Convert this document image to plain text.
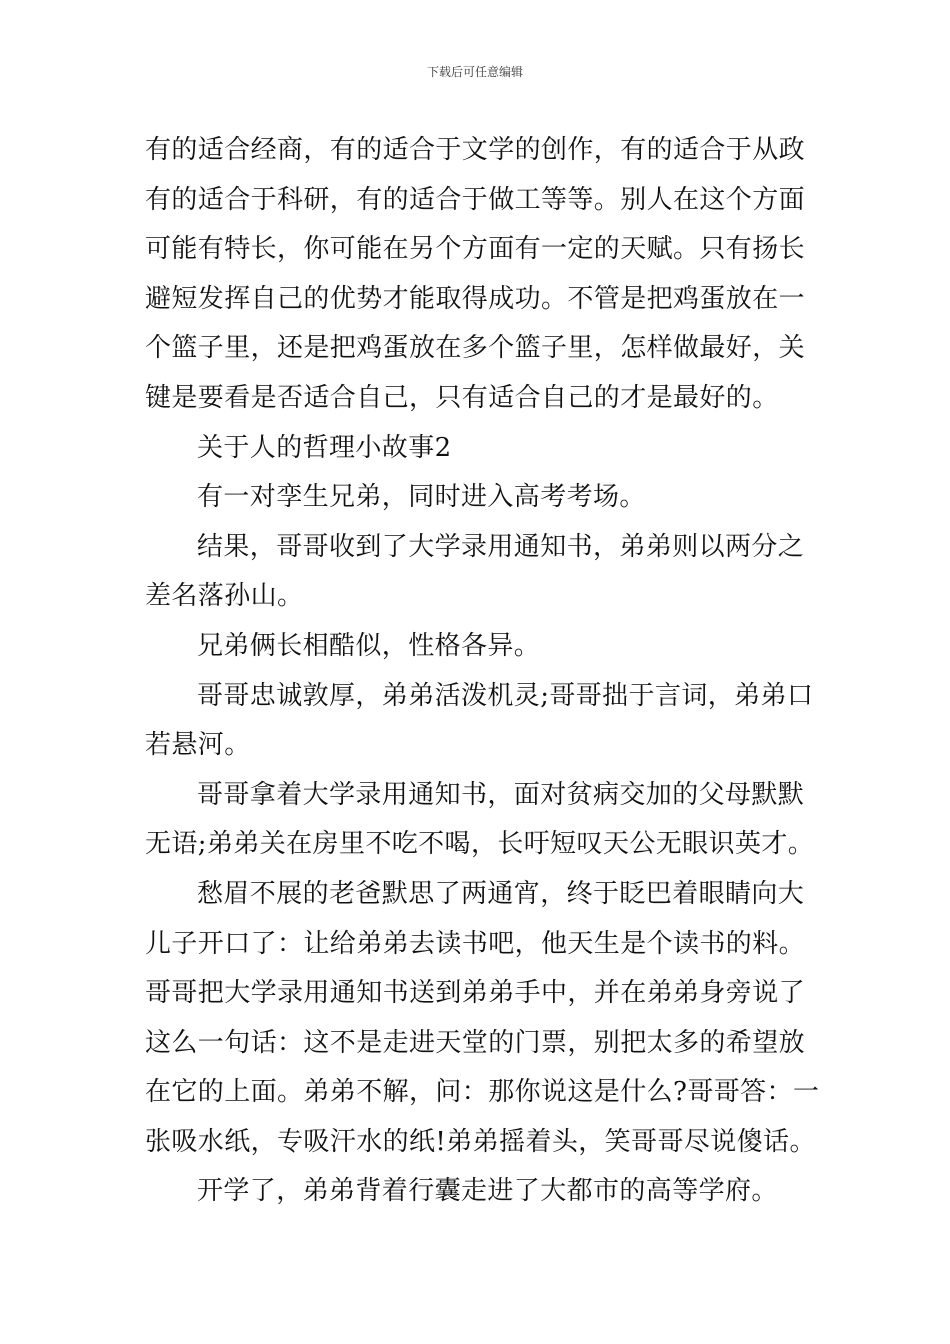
下载后可任意编辑
有的适合经商，有的适合于文学的创作，有的适合于从政
有的适合于科研，有的适合于做工等等。别人在这个方面
可能有特长，你可能在另个方面有一定的天赋。只有扬长
避短发挥自己的优势才能取得成功。不管是把鸡蛋放在一
个篮子里，还是把鸡蛋放在多个篮子里，怎样做最好，关
键是要看是否适合自己，只有适合自己的才是最好的。
关于人的哲理小故事2
有一对孪生兄弟，同时进入高考考场。
结果，哥哥收到了大学录用通知书，弟弟则以两分之
差名落孙山。
兄弟俩长相酷似，性格各异。
哥哥忠诚敦厚，弟弟活泼机灵;哥哥拙于言词，弟弟口
若悬河。
哥哥拿着大学录用通知书，面对贫病交加的父母默默
无语;弟弟关在房里不吃不喝，长吁短叹天公无眼识英才。
愁眉不展的老爸默思了两通宵，终于眨巴着眼睛向大
儿子开口了：让给弟弟去读书吧，他天生是个读书的料。
哥哥把大学录用通知书送到弟弟手中，并在弟弟身旁说了
这么一句话：这不是走进天堂的门票，别把太多的希望放
在它的上面。弟弟不解，问：那你说这是什么?哥哥答：一
张吸水纸，专吸汗水的纸!弟弟摇着头，笑哥哥尽说傻话。
开学了，弟弟背着行囊走进了大都市的高等学府。
